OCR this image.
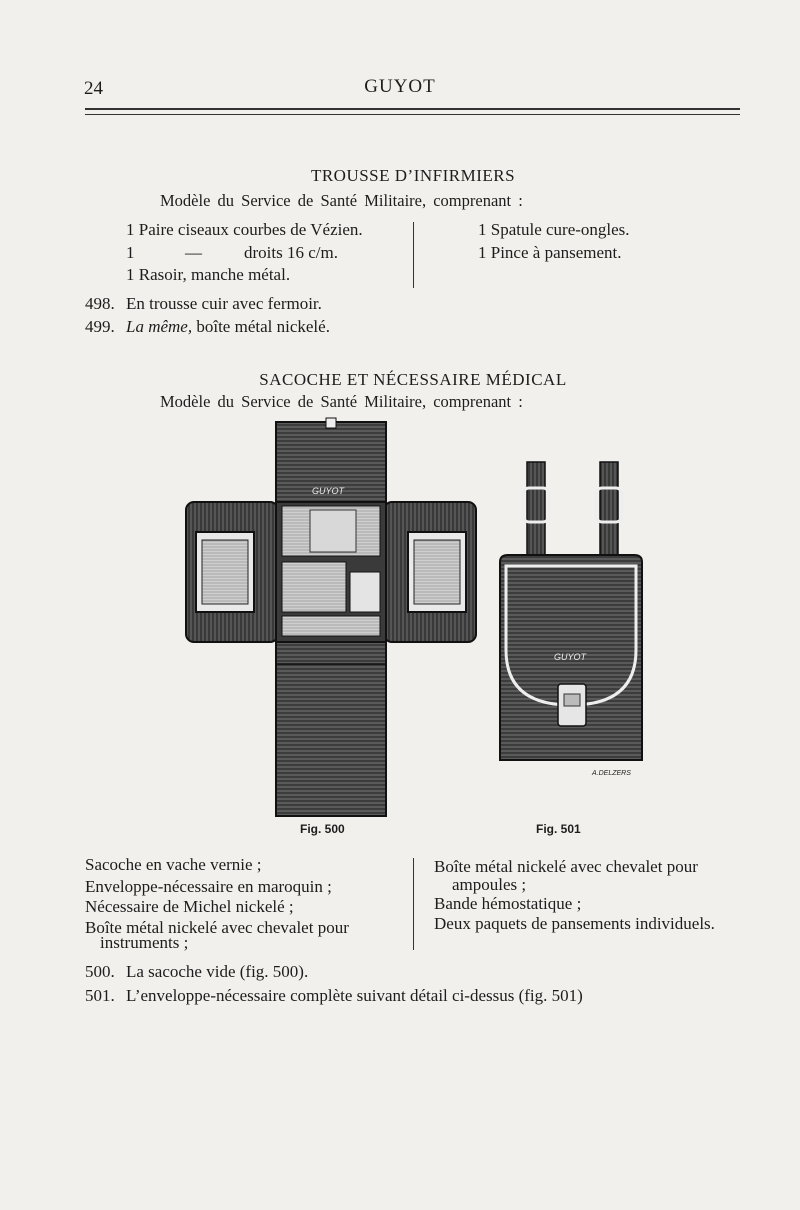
24	GUYOT
TROUSSE D’INFIRMIERS
Modèle du Service de Santé Militaire, comprenant :
1 Paire ciseaux courbes de Vézien.
1	— droits 16 c/m.
1 Rasoir, manche métal.
1 Spatule cure-ongles.
1 Pince à pansement.
498. En trousse cuir avec fermoir.
499. La même, boîte métal nickelé.
SACOCHE ET NÉCESSAIRE MÉDICAL
Modèle du Service de Santé Militaire, comprenant :
GUYOT
GUYOT
A.DELZERS
Fig. 500	Fig. 501
Sacoche en vache vernie ;
Enveloppe-nécessaire en maroquin ;
Nécessaire de Michel nickelé ;
Boîte métal nickelé avec chevalet pour
instruments ;
Boîte métal nickelé avec chevalet pour
ampoules ;
Bande hémostatique ;
Deux paquets de pansements individuels.
500. La sacoche vide (fig. 500).
501. L’enveloppe-nécessaire complète suivant détail ci-dessus (fig. 501)
